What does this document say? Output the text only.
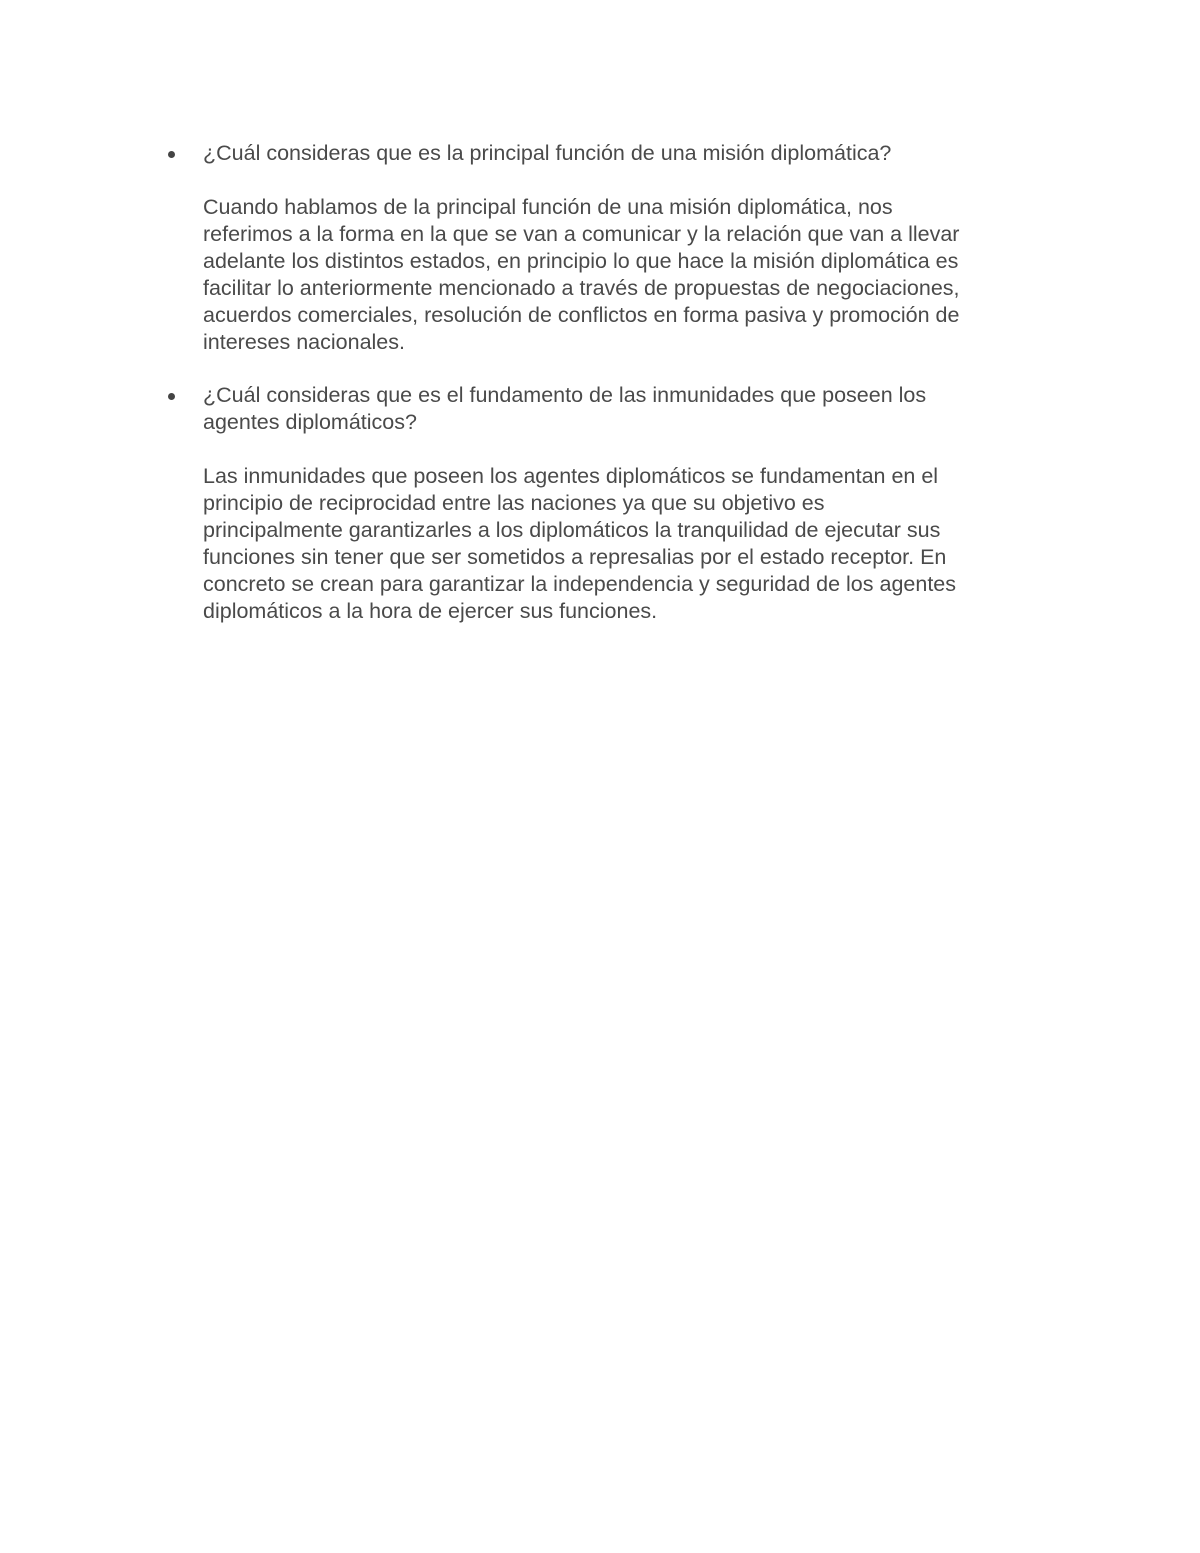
¿Cuál consideras que es la principal función de una misión diplomática?

Cuando hablamos de la principal función de una misión diplomática, nos
referimos a la forma en la que se van a comunicar y la relación que van a llevar
adelante los distintos estados, en principio lo que hace la misión diplomática es
facilitar lo anteriormente mencionado a través de propuestas de negociaciones,
acuerdos comerciales, resolución de conflictos en forma pasiva y promoción de
intereses nacionales.

¿Cuál consideras que es el fundamento de las inmunidades que poseen los
agentes diplomáticos?

Las inmunidades que poseen los agentes diplomáticos se fundamentan en el
principio de reciprocidad entre las naciones ya que su objetivo es
principalmente garantizarles a los diplomáticos la tranquilidad de ejecutar sus
funciones sin tener que ser sometidos a represalias por el estado receptor. En
concreto se crean para garantizar la independencia y seguridad de los agentes
diplomáticos a la hora de ejercer sus funciones.
